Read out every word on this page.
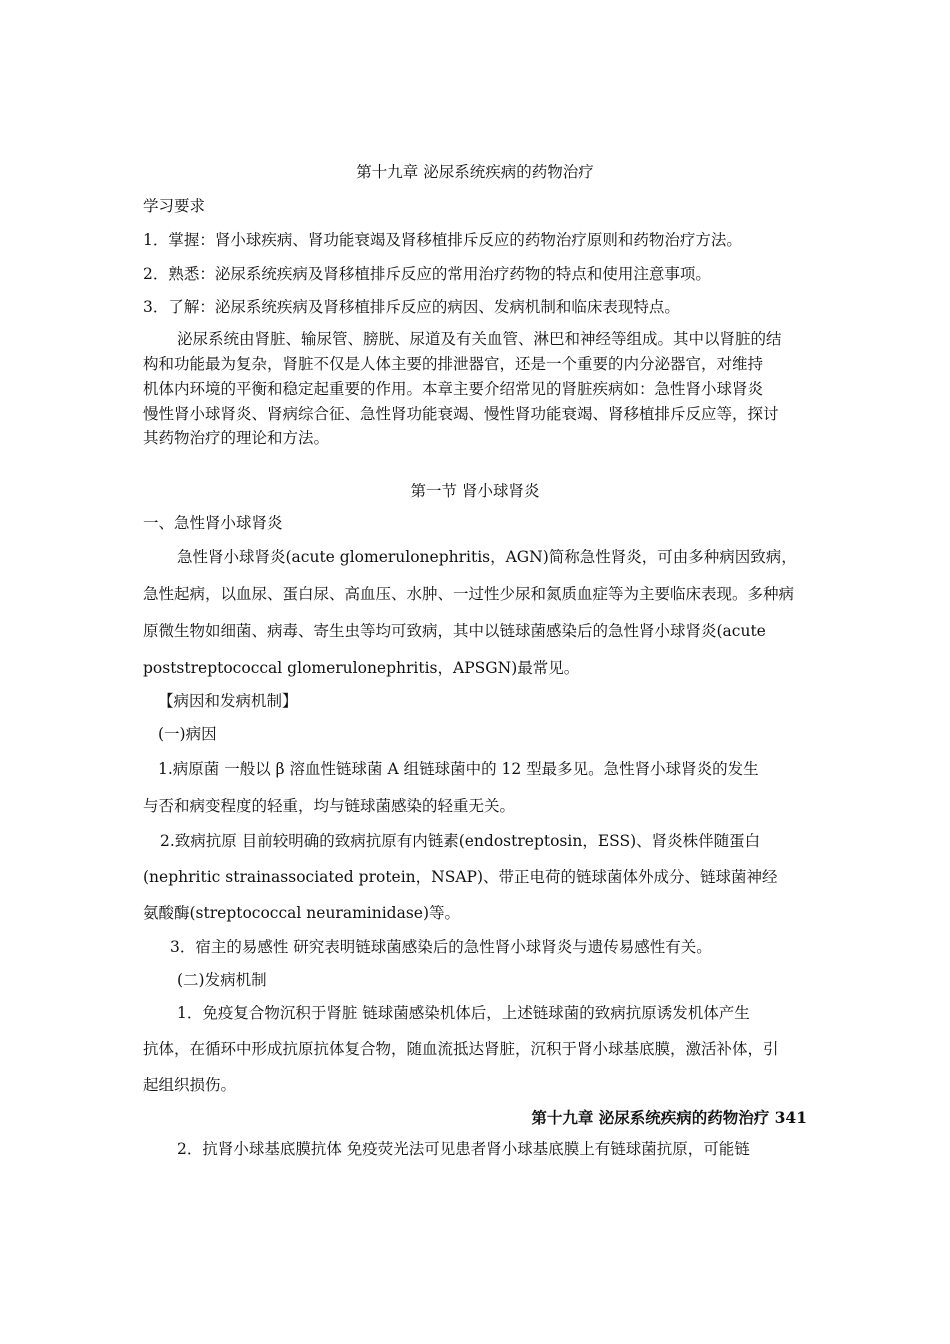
第十九章 泌尿系统疾病的药物治疗
学习要求
1．掌握：肾小球疾病、肾功能衰竭及肾移植排斥反应的药物治疗原则和药物治疗方法。
2．熟悉：泌尿系统疾病及肾移植排斥反应的常用治疗药物的特点和使用注意事项。
3．了解：泌尿系统疾病及肾移植排斥反应的病因、发病机制和临床表现特点。
泌尿系统由肾脏、输尿管、膀胱、尿道及有关血管、淋巴和神经等组成。其中以肾脏的结
构和功能最为复杂，肾脏不仅是人体主要的排泄器官，还是一个重要的内分泌器官，对维持
机体内环境的平衡和稳定起重要的作用。本章主要介绍常见的肾脏疾病如：急性肾小球肾炎
慢性肾小球肾炎、肾病综合征、急性肾功能衰竭、慢性肾功能衰竭、肾移植排斥反应等，探讨
其药物治疗的理论和方法。
第一节 肾小球肾炎
一、急性肾小球肾炎
急性肾小球肾炎(acute glomerulonephritis，AGN)简称急性肾炎，可由多种病因致病，
急性起病，以血尿、蛋白尿、高血压、水肿、一过性少尿和氮质血症等为主要临床表现。多种病
原微生物如细菌、病毒、寄生虫等均可致病，其中以链球菌感染后的急性肾小球肾炎(acute
poststreptococcal glomerulonephritis，APSGN)最常见。
【病因和发病机制】
(一)病因
1.病原菌 一般以 β 溶血性链球菌 A 组链球菌中的 12 型最多见。急性肾小球肾炎的发生
与否和病变程度的轻重，均与链球菌感染的轻重无关。
2.致病抗原 目前较明确的致病抗原有内链素(endostreptosin，ESS)、肾炎株伴随蛋白
(nephritic strainassociated protein，NSAP)、带正电荷的链球菌体外成分、链球菌神经
氨酸酶(streptococcal neuraminidase)等。
3．宿主的易感性 研究表明链球菌感染后的急性肾小球肾炎与遗传易感性有关。
(二)发病机制
1．免疫复合物沉积于肾脏 链球菌感染机体后，上述链球菌的致病抗原诱发机体产生
抗体，在循环中形成抗原抗体复合物，随血流抵达肾脏，沉积于肾小球基底膜，激活补体，引
起组织损伤。
第十九章 泌尿系统疾病的药物治疗 341
2．抗肾小球基底膜抗体 免疫荧光法可见患者肾小球基底膜上有链球菌抗原，可能链
